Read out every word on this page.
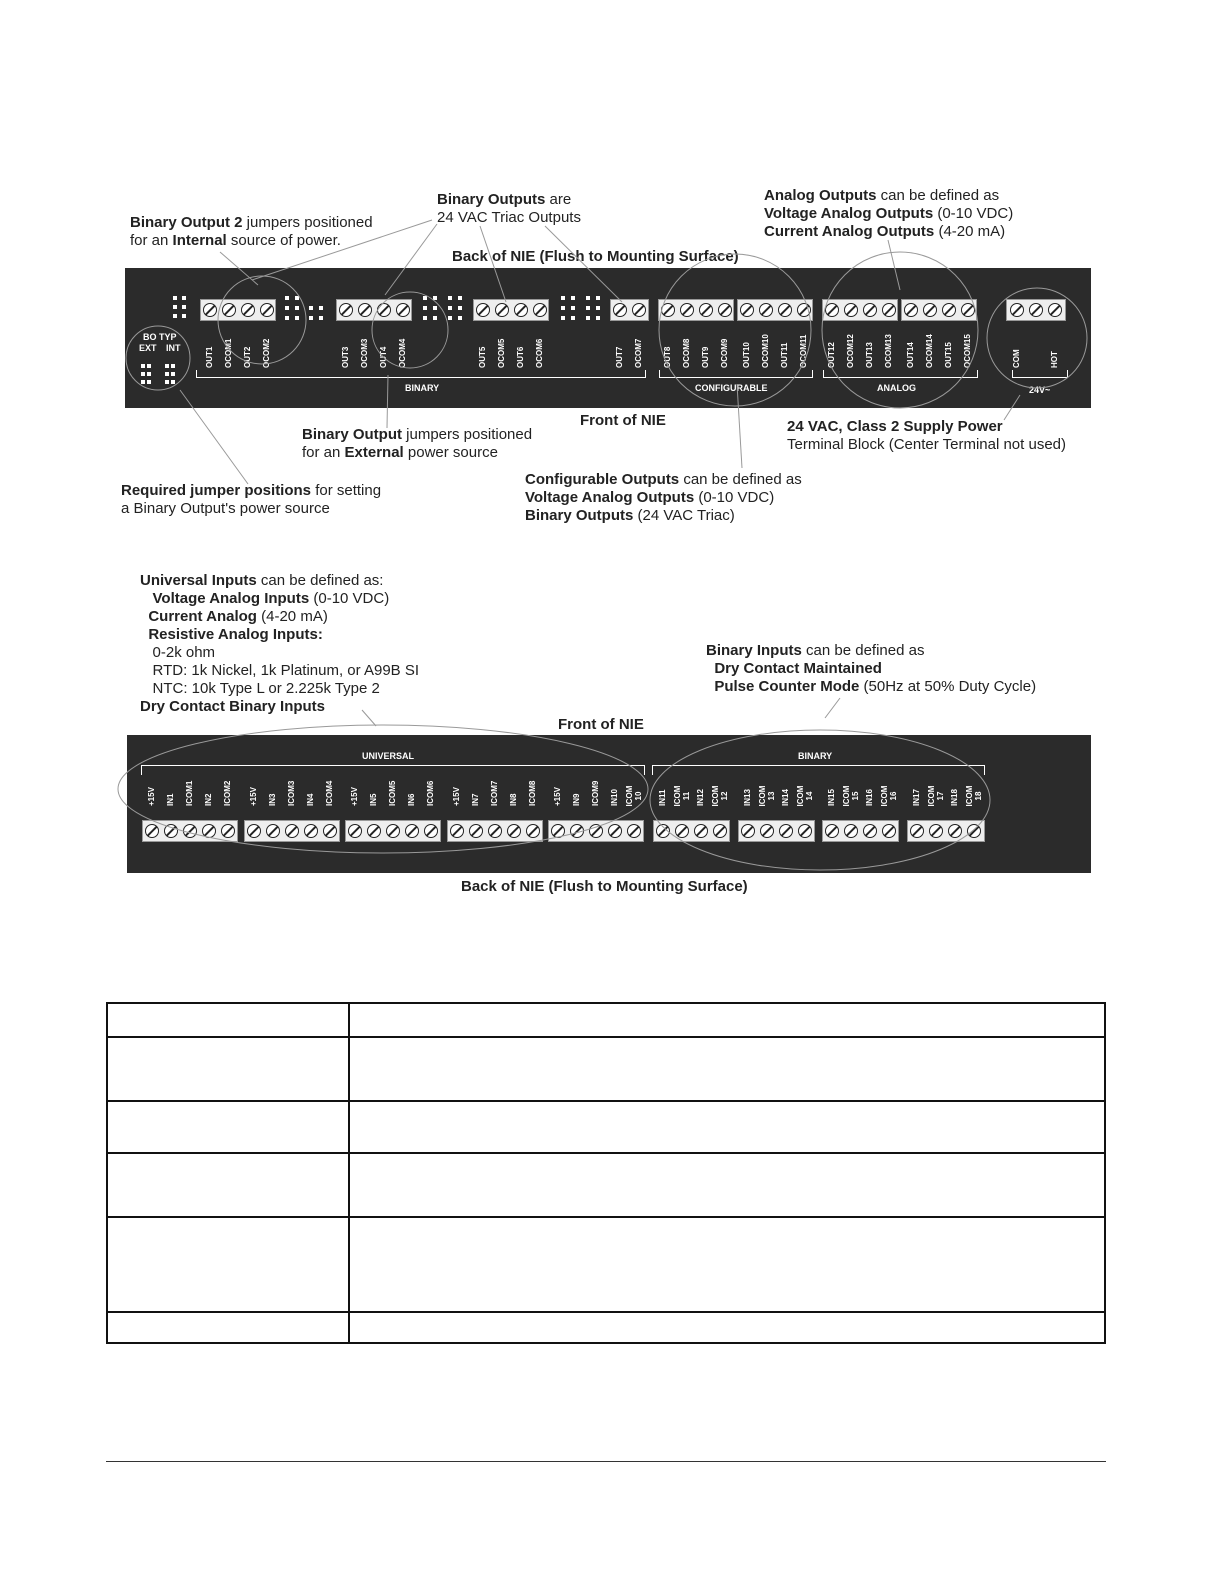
Binary Output 2 jumpers positioned
for an Internal source of power.
Binary Outputs are
24 VAC Triac Outputs
Analog Outputs can be defined as
Voltage Analog Outputs (0-10 VDC)
Current Analog Outputs (4-20 mA)
Back of NIE (Flush to Mounting Surface)
BO TYP
EXT INT	OUT1 OCOM1 OUT2 OCOM2	OUT3 OCOM3 OUT4 OCOM4	OUT5 OCOM5 OUT6 OCOM6	OUT7 OCOM7	OUT8 OCOM8 OUT9 OCOM9 OUT10 OCOM10 OUT11 OCOM11 OUT12 OCOM12 OUT13 OCOM13 OUT14 OCOM14 OUT15 OCOM15	COM	HOT
BINARY	CONFIGURABLE	ANALOG	24V~
Front of NIE
Binary Output jumpers positioned
for an External power source
24 VAC, Class 2 Supply Power
Terminal Block (Center Terminal not used)
Configurable Outputs can be defined as
Voltage Analog Outputs (0-10 VDC)
Binary Outputs (24 VAC Triac)
Required jumper positions for setting
a Binary Output's power source
Universal Inputs can be defined as:
Voltage Analog Inputs (0-10 VDC)
Current Analog (4-20 mA)
Resistive Analog Inputs:
0-2k ohm
RTD: 1k Nickel, 1k Platinum, or A99B SI
NTC: 10k Type L or 2.225k Type 2
Dry Contact Binary Inputs
Binary Inputs can be defined as
Dry Contact Maintained
Pulse Counter Mode (50Hz at 50% Duty Cycle)
Front of NIE
UNIVERSAL	BINARY
+15V IN1 ICOM1 IN2 ICOM2 +15V IN3 ICOM3 IN4 ICOM4 +15V IN5 ICOM5 IN6 ICOM6 +15V IN7 ICOM7 IN8 ICOM8 +15V IN9 ICOM9 IN10 ICOM 10 IN11 ICOM 11 IN12 ICOM 12 IN13 ICOM 13 IN14 ICOM 14 IN15 ICOM 15 IN16 ICOM 16 IN17 ICOM 17 IN18 ICOM 18
Back of NIE (Flush to Mounting Surface)
